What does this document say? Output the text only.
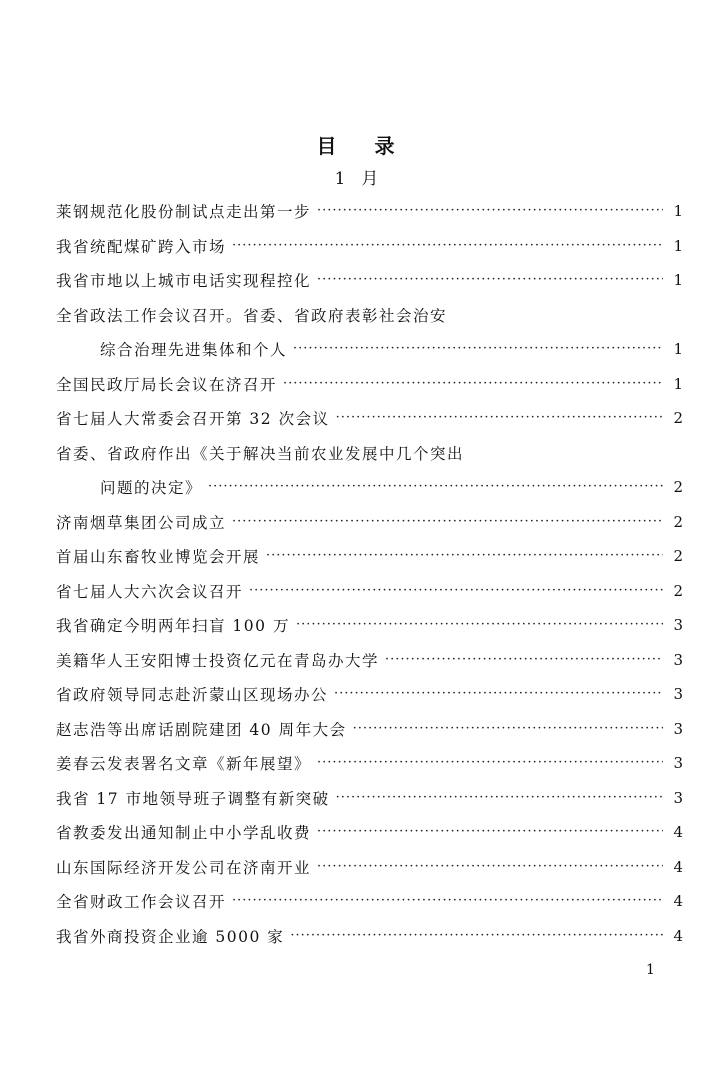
目 录
1 月
莱钢规范化股份制试点走出第一步 ·····	1
我省统配煤矿跨入市场 ·····	1
我省市地以上城市电话实现程控化 ·····	1
全省政法工作会议召开。省委、省政府表彰社会治安
综合治理先进集体和个人 ·····	1
全国民政厅局长会议在济召开 ·····	1
省七届人大常委会召开第 32 次会议 ·····	2
省委、省政府作出《关于解决当前农业发展中几个突出
问题的决定》 ·····	2
济南烟草集团公司成立 ·····	2
首届山东畜牧业博览会开展 ·····	2
省七届人大六次会议召开 ·····	2
我省确定今明两年扫盲 100 万 ·····	3
美籍华人王安阳博士投资亿元在青岛办大学 ·····	3
省政府领导同志赴沂蒙山区现场办公 ·····	3
赵志浩等出席话剧院建团 40 周年大会 ·····	3
姜春云发表署名文章《新年展望》 ·····	3
我省 17 市地领导班子调整有新突破 ·····	3
省教委发出通知制止中小学乱收费 ·····	4
山东国际经济开发公司在济南开业 ·····	4
全省财政工作会议召开 ·····	4
我省外商投资企业逾 5000 家 ·····	4
1
